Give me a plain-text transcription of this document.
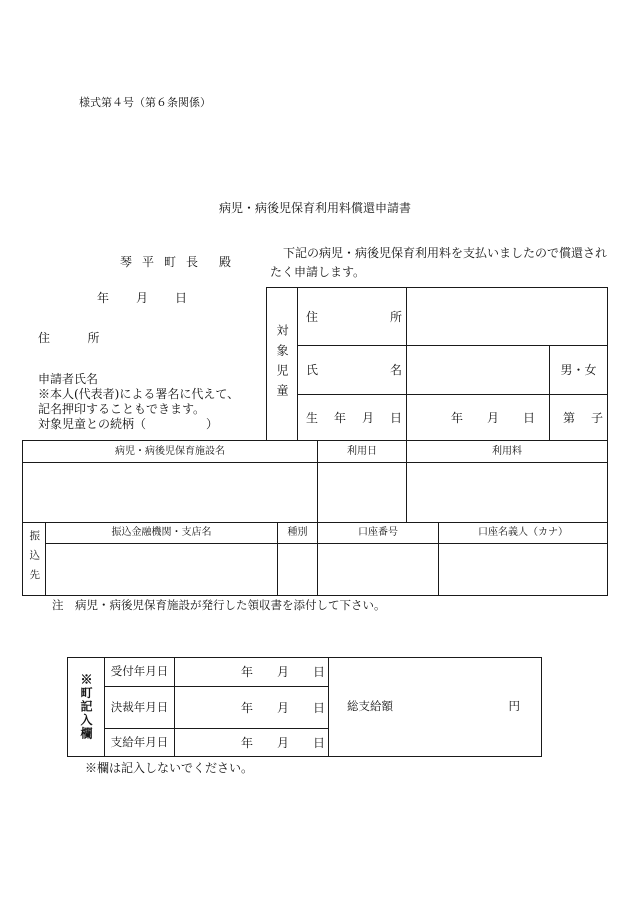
様式第４号（第６条関係）
病児・病後児保育利用料償還申請書
琴　平　町　長　　殿
下記の病児・病後児保育利用料を支払いましたので償還され
たく申請します。
年　　月　　日
住　　所
申請者氏名
※本人(代表者)による署名に代えて、
記名押印することもできます。
対象児童との続柄（　　　　　）
対象児童	住　　　所		
	氏　　　名		男・女
	生　年　月　日	年　　月　　日	第　子
病児・病後児保育施設名			利用日	利用料	

振込先	振込金融機関・支店名	種別	口座番号		口座名義人（カナ）

注　病児・病後児保育施設が発行した領収書を添付して下さい。
※町記入欄	受付年月日	年　　月　　日	総支給額 円

	決裁年月日	年　　月　　日	
	支給年月日	年　　月　　日	
※欄は記入しないでください。
